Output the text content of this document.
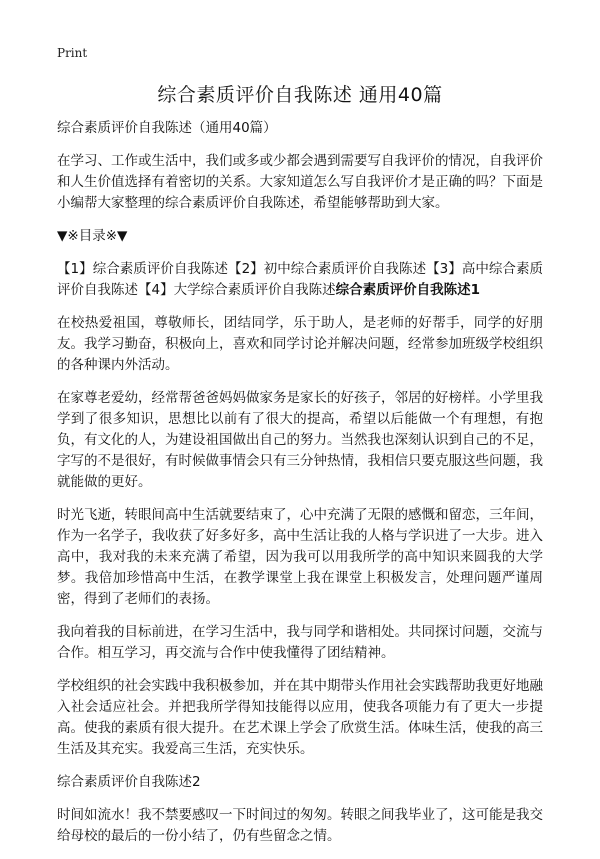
Print
综合素质评价自我陈述 通用40篇

综合素质评价自我陈述（通用40篇）

在学习、工作或生活中，我们或多或少都会遇到需要写自我评价的情况，自我评价和人生价值选择有着密切的关系。大家知道怎么写自我评价才是正确的吗？下面是小编帮大家整理的综合素质评价自我陈述，希望能够帮助到大家。

▼※目录※▼

【1】综合素质评价自我陈述【2】初中综合素质评价自我陈述【3】高中综合素质评价自我陈述【4】大学综合素质评价自我陈述综合素质评价自我陈述1

在校热爱祖国，尊敬师长，团结同学，乐于助人，是老师的好帮手，同学的好朋友。我学习勤奋，积极向上，喜欢和同学讨论并解决问题，经常参加班级学校组织的各种课内外活动。

在家尊老爱幼，经常帮爸爸妈妈做家务是家长的好孩子，邻居的好榜样。小学里我学到了很多知识，思想比以前有了很大的提高，希望以后能做一个有理想，有抱负，有文化的人，为建设祖国做出自己的努力。当然我也深刻认识到自己的不足，字写的不是很好，有时候做事情会只有三分钟热情，我相信只要克服这些问题，我就能做的更好。

时光飞逝，转眼间高中生活就要结束了，心中充满了无限的感慨和留恋，三年间，作为一名学子，我收获了好多好多，高中生活让我的人格与学识进了一大步。进入高中，我对我的未来充满了希望，因为我可以用我所学的高中知识来圆我的大学梦。我倍加珍惜高中生活，在教学课堂上我在课堂上积极发言，处理问题严谨周密，得到了老师们的表扬。

我向着我的目标前进，在学习生活中，我与同学和谐相处。共同探讨问题，交流与合作。相互学习，再交流与合作中使我懂得了团结精神。

学校组织的社会实践中我积极参加，并在其中期带头作用社会实践帮助我更好地融入社会适应社会。并把我所学得知技能得以应用，使我各项能力有了更大一步提高。使我的素质有很大提升。在艺术课上学会了欣赏生活。体味生活，使我的高三生活及其充实。我爱高三生活，充实快乐。

综合素质评价自我陈述2

时间如流水！我不禁要感叹一下时间过的匆匆。转眼之间我毕业了，这可能是我交给母校的最后的一份小结了，仍有些留念之情。
